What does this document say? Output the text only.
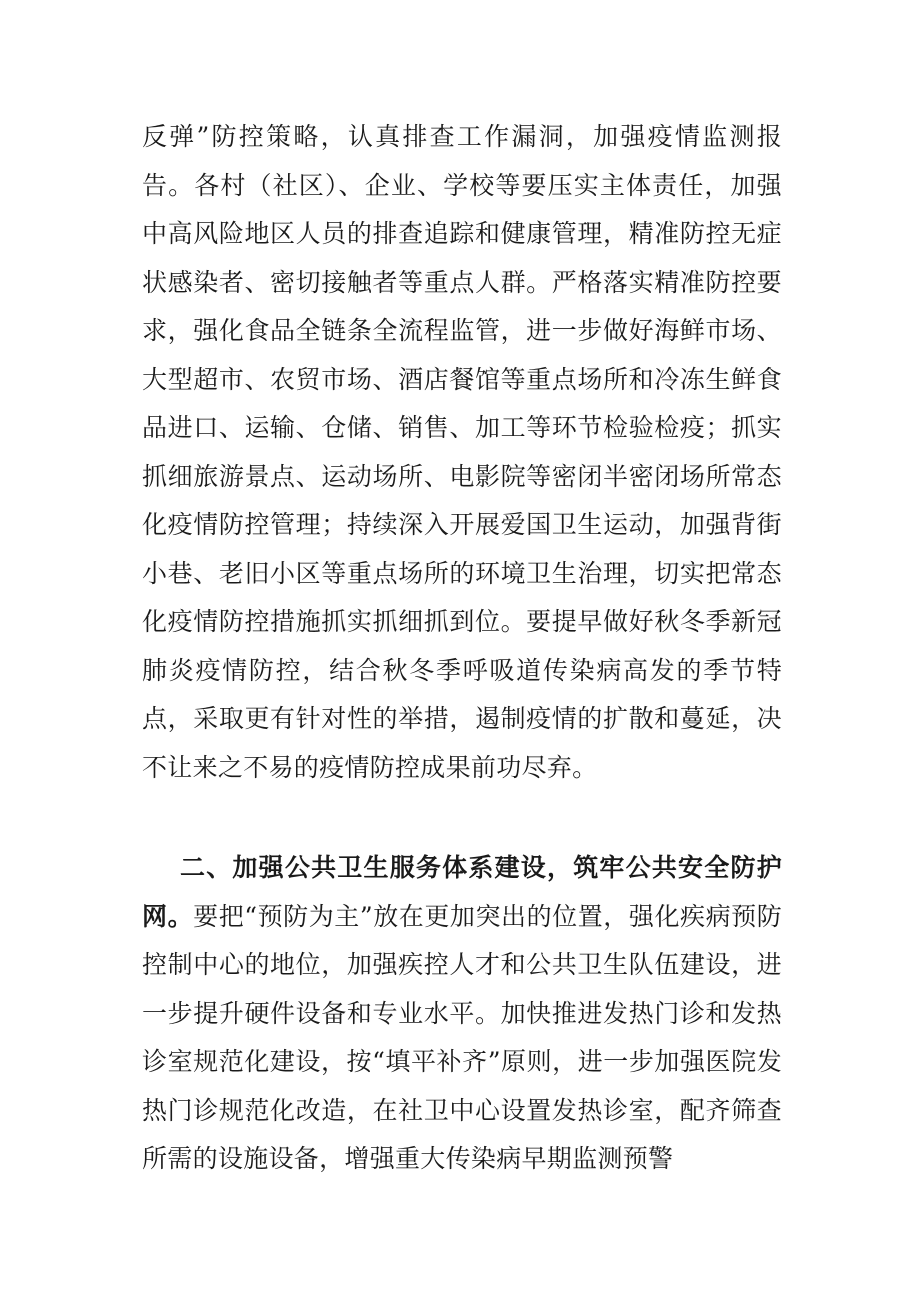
反弹”防控策略，认真排查工作漏洞，加强疫情监测报告。各村（社区）、企业、学校等要压实主体责任，加强中高风险地区人员的排查追踪和健康管理，精准防控无症状感染者、密切接触者等重点人群。严格落实精准防控要求，强化食品全链条全流程监管，进一步做好海鲜市场、大型超市、农贸市场、酒店餐馆等重点场所和冷冻生鲜食品进口、运输、仓储、销售、加工等环节检验检疫；抓实抓细旅游景点、运动场所、电影院等密闭半密闭场所常态化疫情防控管理；持续深入开展爱国卫生运动，加强背街小巷、老旧小区等重点场所的环境卫生治理，切实把常态化疫情防控措施抓实抓细抓到位。要提早做好秋冬季新冠肺炎疫情防控，结合秋冬季呼吸道传染病高发的季节特点，采取更有针对性的举措，遏制疫情的扩散和蔓延，决不让来之不易的疫情防控成果前功尽弃。

二、加强公共卫生服务体系建设，筑牢公共安全防护网。要把“预防为主”放在更加突出的位置，强化疾病预防控制中心的地位，加强疾控人才和公共卫生队伍建设，进一步提升硬件设备和专业水平。加快推进发热门诊和发热诊室规范化建设，按“填平补齐”原则，进一步加强医院发热门诊规范化改造，在社卫中心设置发热诊室，配齐筛查所需的设施设备，增强重大传染病早期监测预警
